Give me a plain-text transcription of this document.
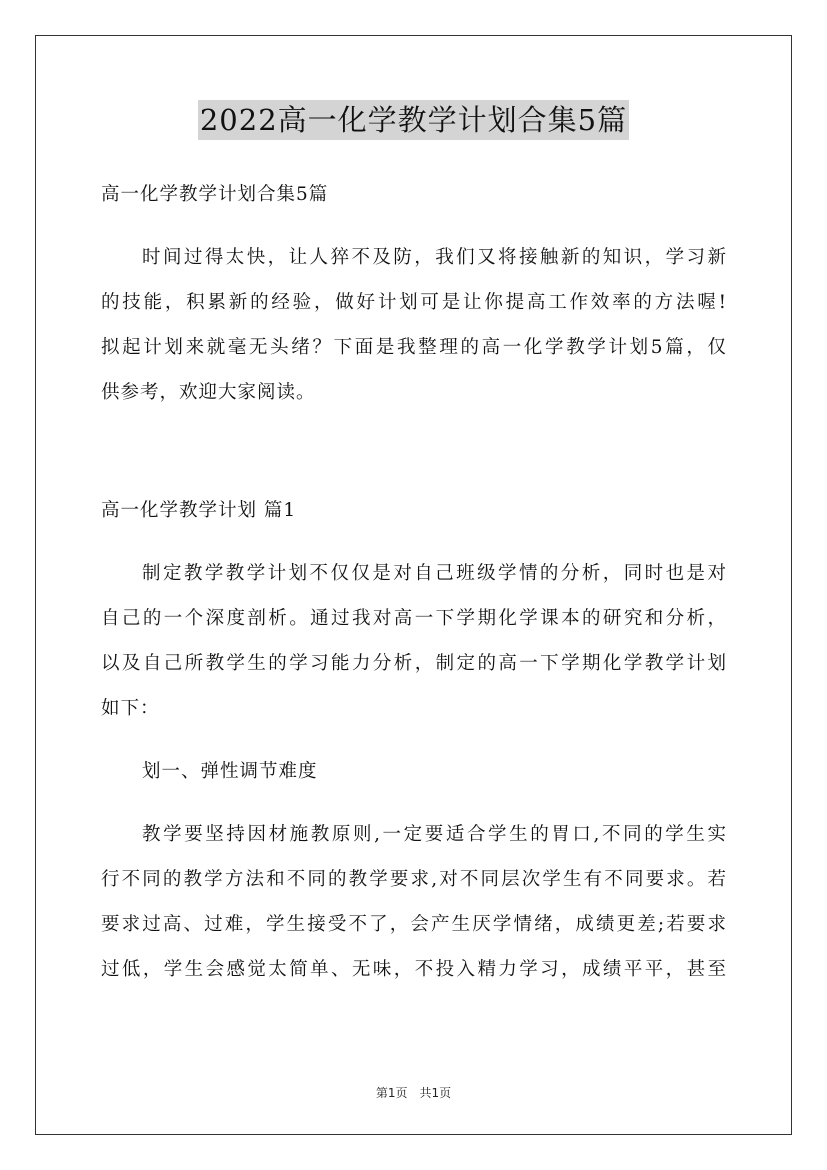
2022高一化学教学计划合集5篇
高一化学教学计划合集5篇
时间过得太快，让人猝不及防，我们又将接触新的知识，学习新
的技能，积累新的经验，做好计划可是让你提高工作效率的方法喔!
拟起计划来就毫无头绪？下面是我整理的高一化学教学计划5篇，仅
供参考，欢迎大家阅读。
高一化学教学计划 篇1
制定教学教学计划不仅仅是对自己班级学情的分析，同时也是对
自己的一个深度剖析。通过我对高一下学期化学课本的研究和分析，
以及自己所教学生的学习能力分析，制定的高一下学期化学教学计划
如下：
划一、弹性调节难度
教学要坚持因材施教原则,一定要适合学生的胃口,不同的学生实
行不同的教学方法和不同的教学要求,对不同层次学生有不同要求。若
要求过高、过难，学生接受不了，会产生厌学情绪，成绩更差;若要求
过低，学生会感觉太简单、无味，不投入精力学习，成绩平平，甚至
第1页　共1页
